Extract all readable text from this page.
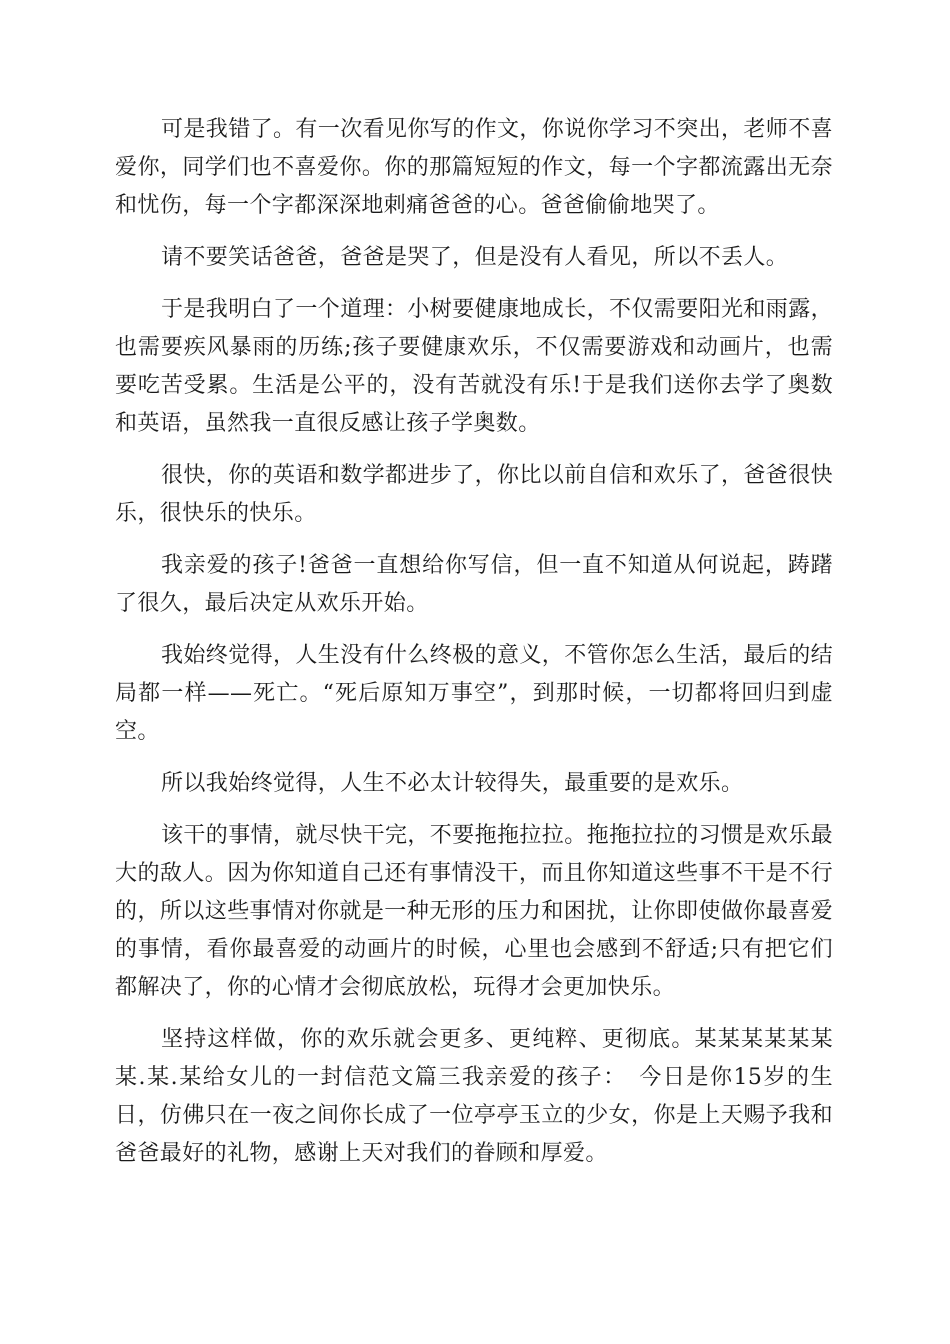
可是我错了。有一次看见你写的作文，你说你学习不突出，老师不喜爱你，同学们也不喜爱你。你的那篇短短的作文，每一个字都流露出无奈和忧伤，每一个字都深深地刺痛爸爸的心。爸爸偷偷地哭了。

请不要笑话爸爸，爸爸是哭了，但是没有人看见，所以不丢人。

于是我明白了一个道理：小树要健康地成长，不仅需要阳光和雨露，也需要疾风暴雨的历练;孩子要健康欢乐，不仅需要游戏和动画片，也需要吃苦受累。生活是公平的，没有苦就没有乐!于是我们送你去学了奥数和英语，虽然我一直很反感让孩子学奥数。

很快，你的英语和数学都进步了，你比以前自信和欢乐了，爸爸很快乐，很快乐的快乐。

我亲爱的孩子!爸爸一直想给你写信，但一直不知道从何说起，踌躇了很久，最后决定从欢乐开始。

我始终觉得，人生没有什么终极的意义，不管你怎么生活，最后的结局都一样——死亡。“死后原知万事空”，到那时候，一切都将回归到虚空。

所以我始终觉得，人生不必太计较得失，最重要的是欢乐。

该干的事情，就尽快干完，不要拖拖拉拉。拖拖拉拉的习惯是欢乐最大的敌人。因为你知道自己还有事情没干，而且你知道这些事不干是不行的，所以这些事情对你就是一种无形的压力和困扰，让你即使做你最喜爱的事情，看你最喜爱的动画片的时候，心里也会感到不舒适;只有把它们都解决了，你的心情才会彻底放松，玩得才会更加快乐。

坚持这样做，你的欢乐就会更多、更纯粹、更彻底。某某某某某某某.某.某给女儿的一封信范文篇三我亲爱的孩子：　今日是你15岁的生日，仿佛只在一夜之间你长成了一位亭亭玉立的少女，你是上天赐予我和爸爸最好的礼物，感谢上天对我们的眷顾和厚爱。
